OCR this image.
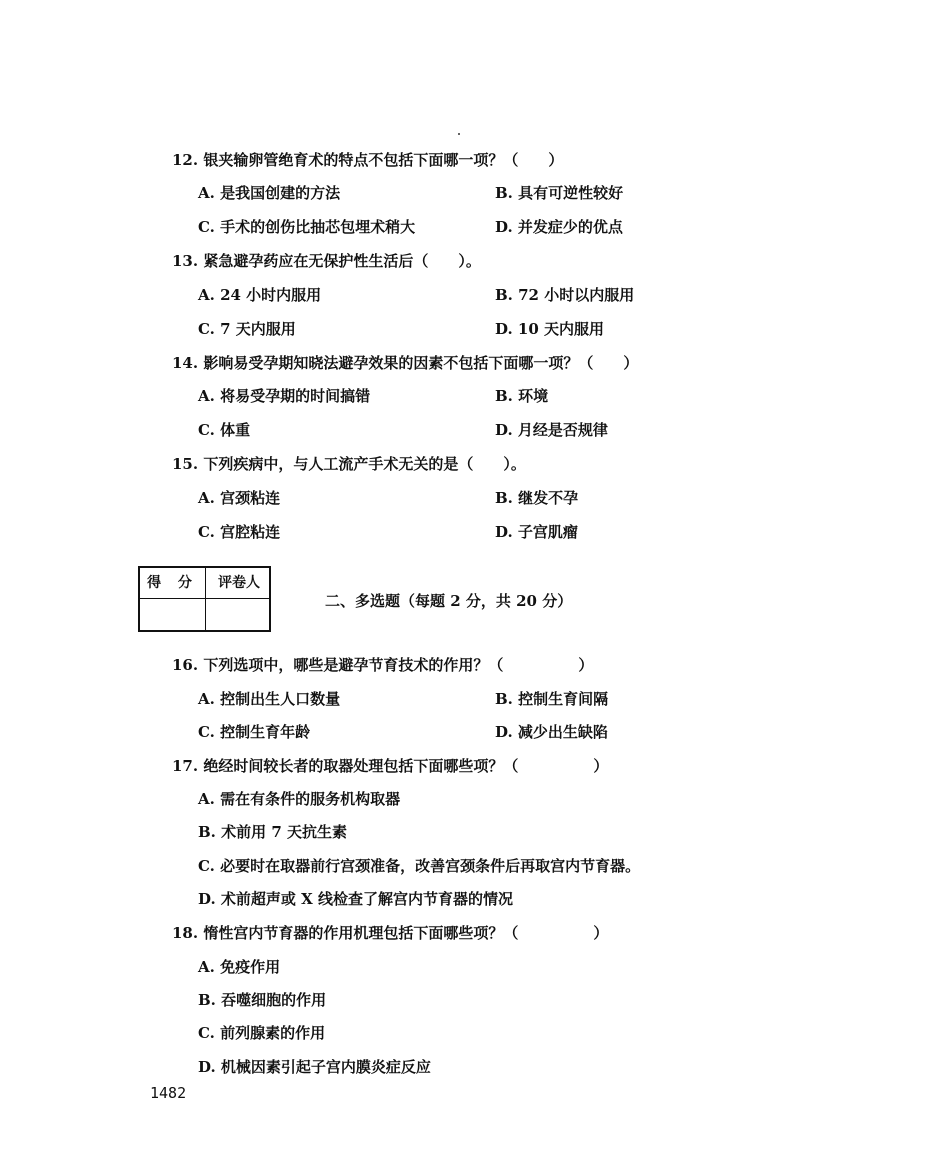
12. 银夹输卵管绝育术的特点不包括下面哪一项？（　　）
A. 是我国创建的方法	B. 具有可逆性较好
C. 手术的创伤比抽芯包埋术稍大	D. 并发症少的优点
13. 紧急避孕药应在无保护性生活后（　　）。
A. 24 小时内服用	B. 72 小时以内服用
C. 7 天内服用	D. 10 天内服用
14. 影响易受孕期知晓法避孕效果的因素不包括下面哪一项？（　　）
A. 将易受孕期的时间搞错	B. 环境
C. 体重	D. 月经是否规律
15. 下列疾病中，与人工流产手术无关的是（　　）。
A. 宫颈粘连	B. 继发不孕
C. 宫腔粘连	D. 子宫肌瘤
得 分	评卷人
二、多选题（每题 2 分，共 20 分）
16. 下列选项中，哪些是避孕节育技术的作用？（　　　　　）
A. 控制出生人口数量	B. 控制生育间隔
C. 控制生育年龄	D. 减少出生缺陷
17. 绝经时间较长者的取器处理包括下面哪些项？（　　　　　）
A. 需在有条件的服务机构取器
B. 术前用 7 天抗生素
C. 必要时在取器前行宫颈准备，改善宫颈条件后再取宫内节育器。
D. 术前超声或 X 线检查了解宫内节育器的情况
18. 惰性宫内节育器的作用机理包括下面哪些项？（　　　　　）
A. 免疫作用
B. 吞噬细胞的作用
C. 前列腺素的作用
D. 机械因素引起子宫内膜炎症反应
1482
